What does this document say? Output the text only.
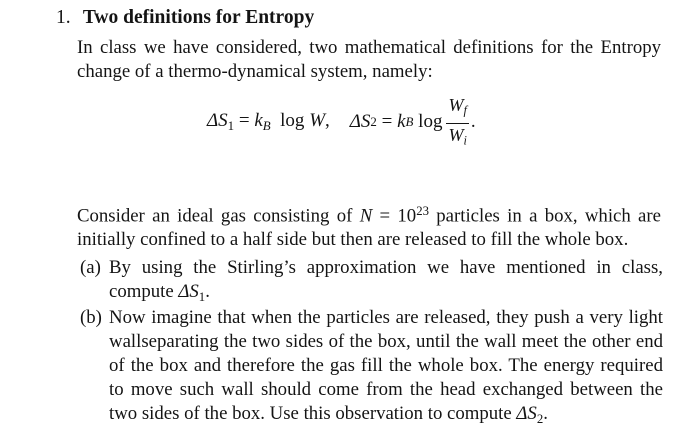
1. Two definitions for Entropy
In class we have considered, two mathematical definitions for the Entropy change of a thermo-dynamical system, namely:
$\Delta S_1 = k_B$ log W, ΔS 2 = k B
$\log \frac{W_f}{W_i}$ .
Consider an ideal gas consisting of $N = 10^{23}$ particles in a box, which are initially confined to a half side but then are released to fill the whole box.
(a) By using the Stirling’s approximation we have mentioned in class, compute $\Delta S_1$.
(b) Now imagine that when the particles are released, they push a very light wallseparating the two sides of the box, until the wall meet the other end of the box and therefore the gas fill the whole box. The energy required to move such wall should come from the head exchanged between the two sides of the box. Use this observation to compute $\Delta S_2$.
